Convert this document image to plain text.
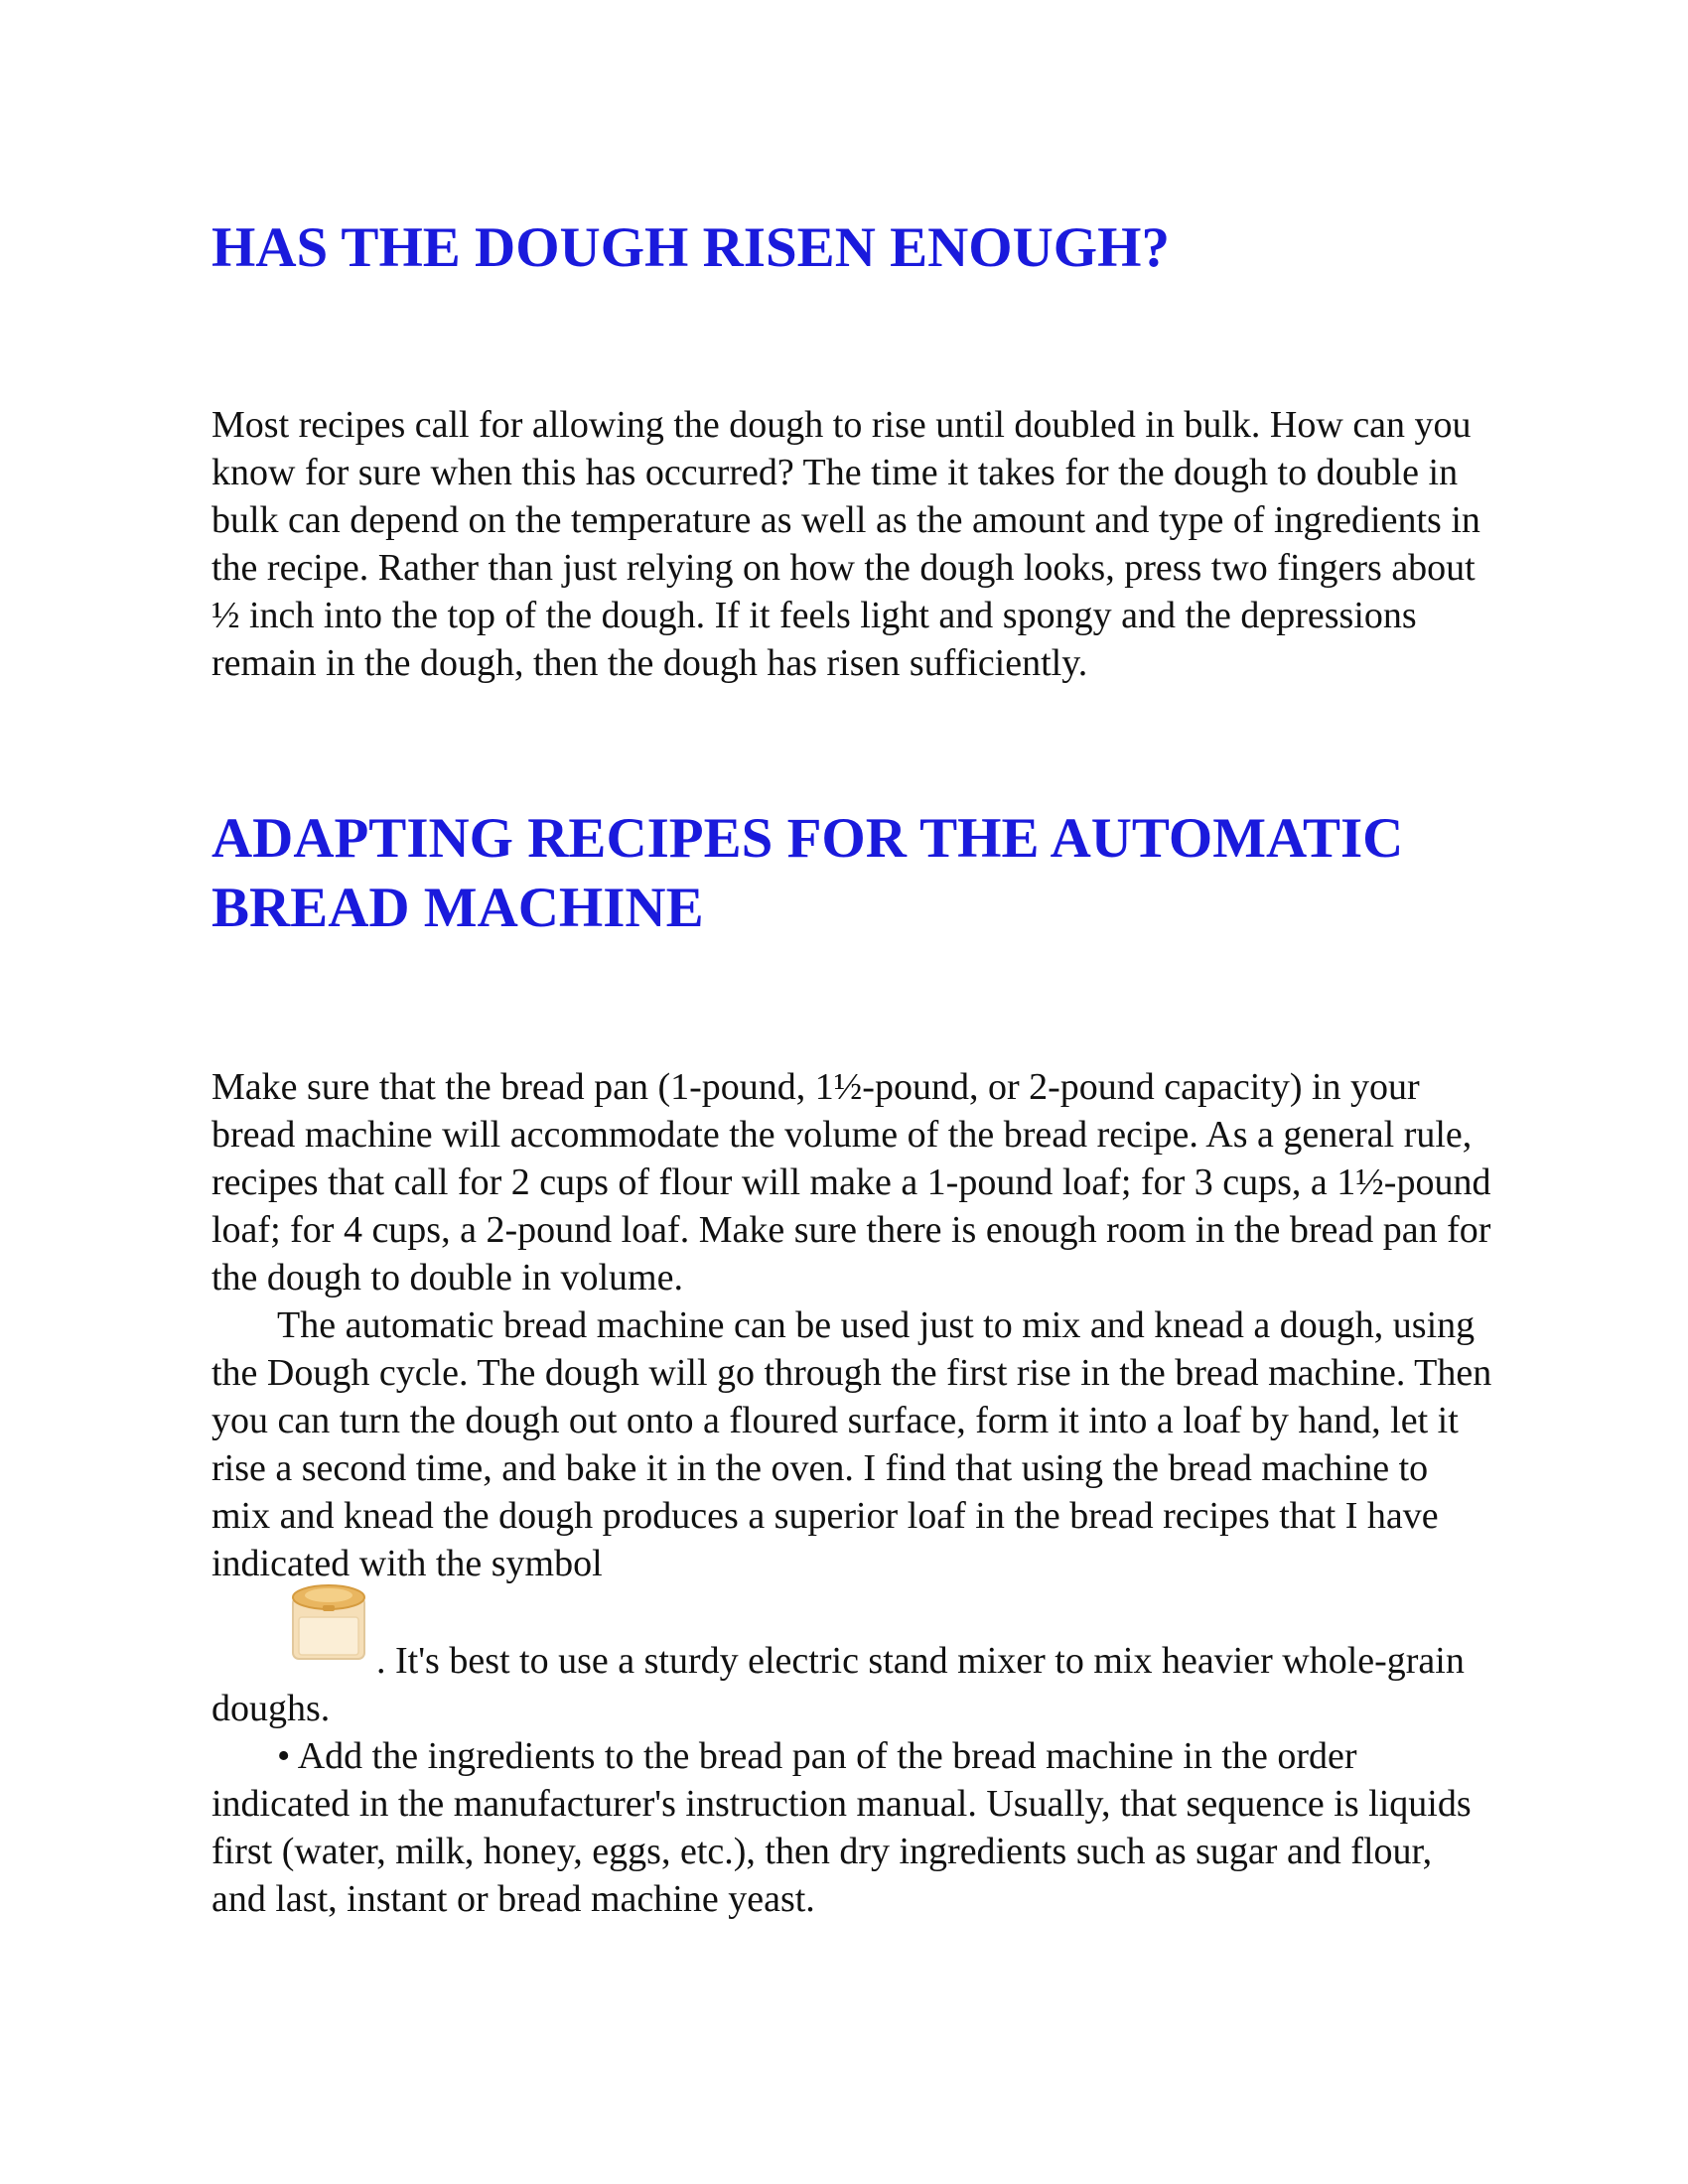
HAS THE DOUGH RISEN ENOUGH?

Most recipes call for allowing the dough to rise until doubled in bulk. How can you know for sure when this has occurred? The time it takes for the dough to double in bulk can depend on the temperature as well as the amount and type of ingredients in the recipe. Rather than just relying on how the dough looks, press two fingers about ½ inch into the top of the dough. If it feels light and spongy and the depressions remain in the dough, then the dough has risen sufficiently.

ADAPTING RECIPES FOR THE AUTOMATIC BREAD MACHINE

Make sure that the bread pan (1-pound, 1½-pound, or 2-pound capacity) in your bread machine will accommodate the volume of the bread recipe. As a general rule, recipes that call for 2 cups of flour will make a 1-pound loaf; for 3 cups, a 1½-pound loaf; for 4 cups, a 2-pound loaf. Make sure there is enough room in the bread pan for the dough to double in volume.

The automatic bread machine can be used just to mix and knead a dough, using the Dough cycle. The dough will go through the first rise in the bread machine. Then you can turn the dough out onto a floured surface, form it into a loaf by hand, let it rise a second time, and bake it in the oven. I find that using the bread machine to mix and knead the dough produces a superior loaf in the bread recipes that I have indicated with the symbol
. It's best to use a sturdy electric stand mixer to mix heavier whole-grain doughs.

• Add the ingredients to the bread pan of the bread machine in the order indicated in the manufacturer's instruction manual. Usually, that sequence is liquids first (water, milk, honey, eggs, etc.), then dry ingredients such as sugar and flour, and last, instant or bread machine yeast.
